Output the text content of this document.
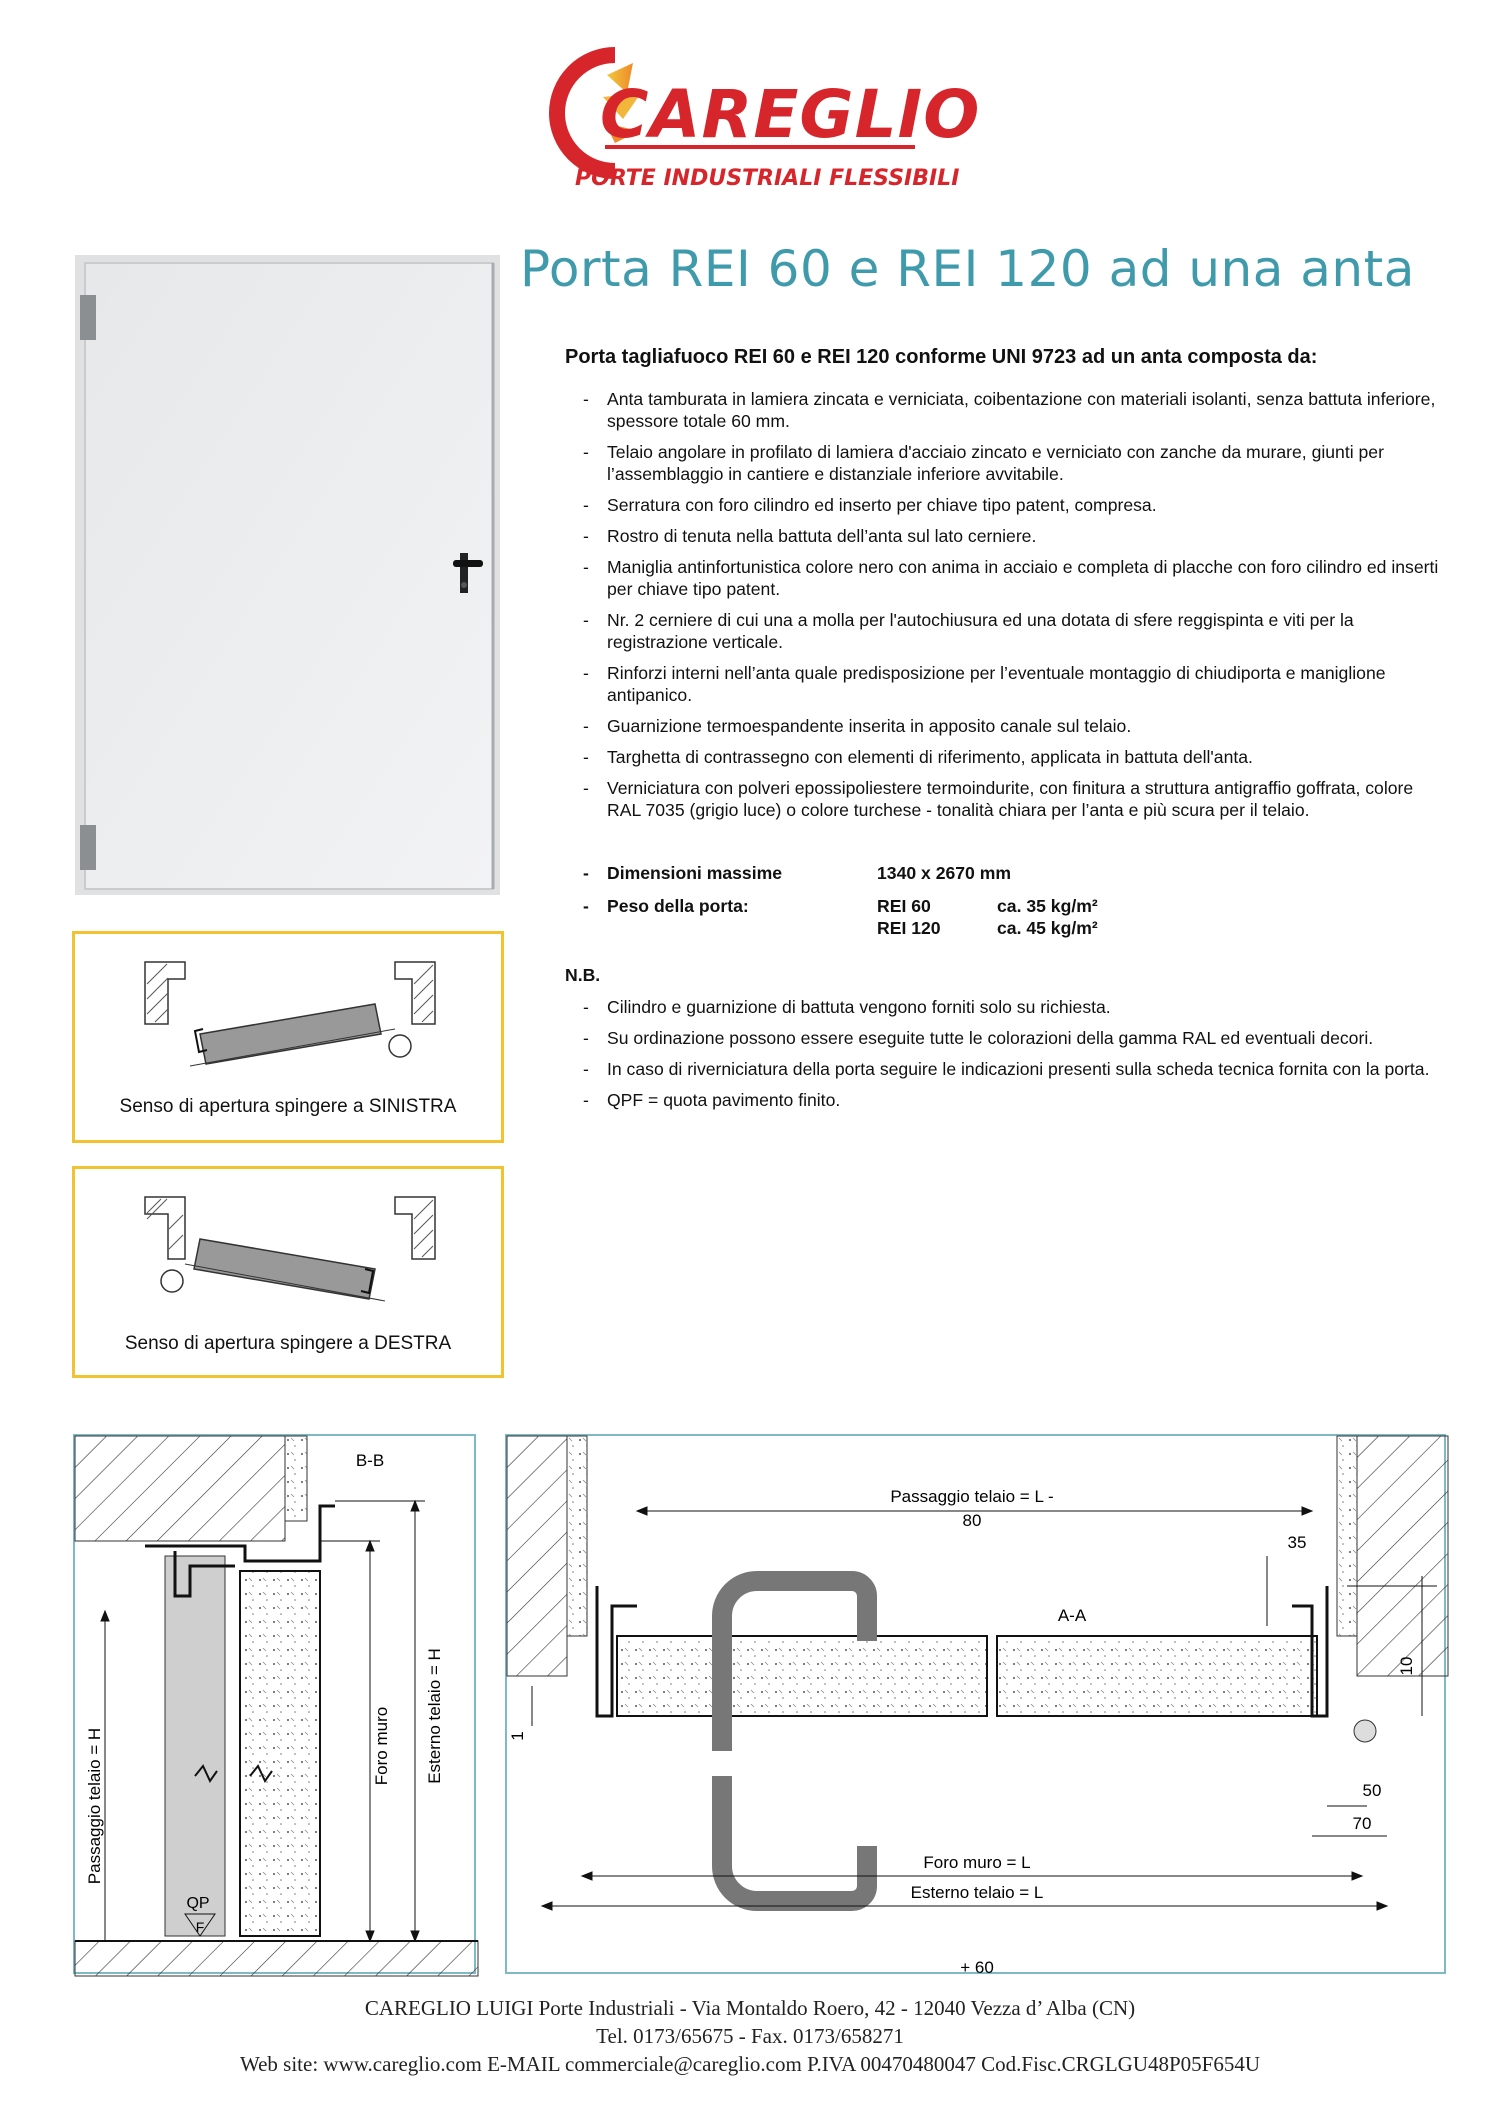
CAREGLIO
PORTE INDUSTRIALI FLESSIBILI
Porta REI 60 e REI 120 ad una anta
Senso di apertura spingere a SINISTRA
Senso di apertura spingere a DESTRA
Porta tagliafuoco REI 60 e REI 120 conforme UNI 9723 ad un anta composta da:
- Anta tamburata in lamiera zincata e verniciata, coibentazione con materiali isolanti, senza battuta inferiore, spessore totale 60 mm.
- Telaio angolare in profilato di lamiera d'acciaio zincato e verniciato con zanche da murare, giunti per l’assemblaggio in cantiere e distanziale inferiore avvitabile.
- Serratura con foro cilindro ed inserto per chiave tipo patent, compresa.
- Rostro di tenuta nella battuta dell’anta sul lato cerniere.
- Maniglia antinfortunistica colore nero con anima in acciaio e completa di placche con foro cilindro ed inserti per chiave tipo patent.
- Nr. 2 cerniere di cui una a molla per l'autochiusura ed una dotata di sfere reggispinta e viti per la registrazione verticale.
- Rinforzi interni nell’anta quale predisposizione per l’eventuale montaggio di chiudiporta e maniglione antipanico.
- Guarnizione termoespandente inserita in apposito canale sul telaio.
- Targhetta di contrassegno con elementi di riferimento, applicata in battuta dell'anta.
- Verniciatura con polveri epossipoliestere termoindurite, con finitura a struttura antigraffio goffrata, colore RAL 7035 (grigio luce) o colore turchese - tonalità chiara per l’anta e più scura per il telaio.
- Dimensioni massime	1340 x 2670 mm
- Peso della porta:	REI 60	ca. 35 kg/m²
REI 120	ca. 45 kg/m²
N.B.
- Cilindro e guarnizione di battuta vengono forniti solo su richiesta.
- Su ordinazione possono essere eseguite tutte le colorazioni della gamma RAL ed eventuali decori.
- In caso di riverniciatura della porta seguire le indicazioni presenti sulla scheda tecnica fornita con la porta.
- QPF = quota pavimento finito.
B-B
Passaggio telaio = H	Foro muro Esterno telaio = H
QP
F
Passaggio telaio = L -
80
A-A
35
10
1
50
70
Foro muro = L
Esterno telaio = L
+ 60
CAREGLIO LUIGI Porte Industriali - Via Montaldo Roero, 42 - 12040 Vezza d’ Alba (CN)
Tel. 0173/65675 - Fax. 0173/658271
Web site: www.careglio.com E-MAIL commerciale@careglio.com P.IVA 00470480047 Cod.Fisc.CRGLGU48P05F654U
